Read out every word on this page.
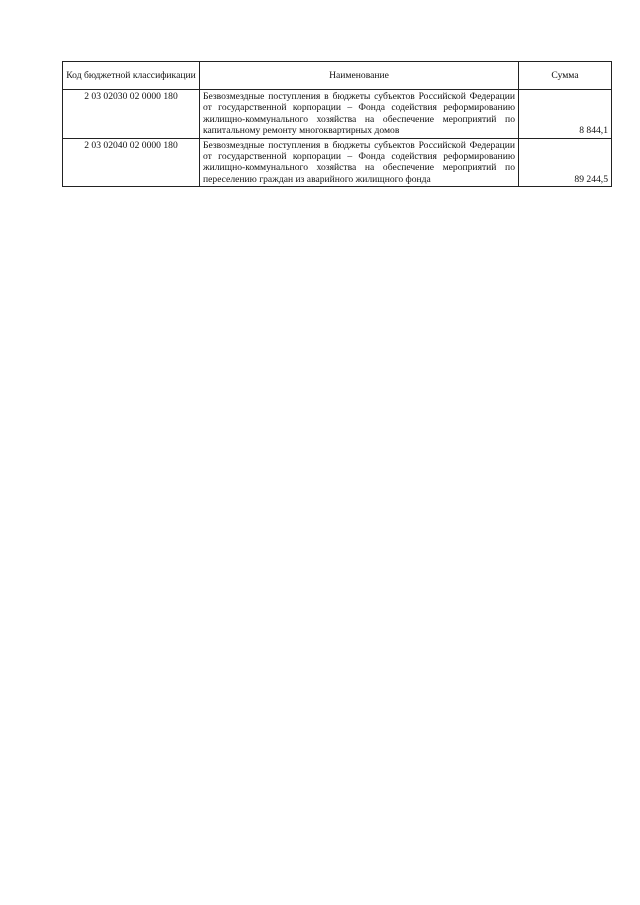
Код бюджетной классификации	Наименование	Сумма
2 03 02030 02 0000 180	Безвозмездные поступления в бюджеты субъектов Российской Федерации от государственной корпорации – Фонда содействия реформированию жилищно-коммунального хозяйства на обеспечение мероприятий по капитальному ремонту многоквартирных домов	8 844,1
2 03 02040 02 0000 180	Безвозмездные поступления в бюджеты субъектов Российской Федерации от государственной корпорации – Фонда содействия реформированию жилищно-коммунального хозяйства на обеспечение мероприятий по переселению граждан из аварийного жилищного фонда	89 244,5
